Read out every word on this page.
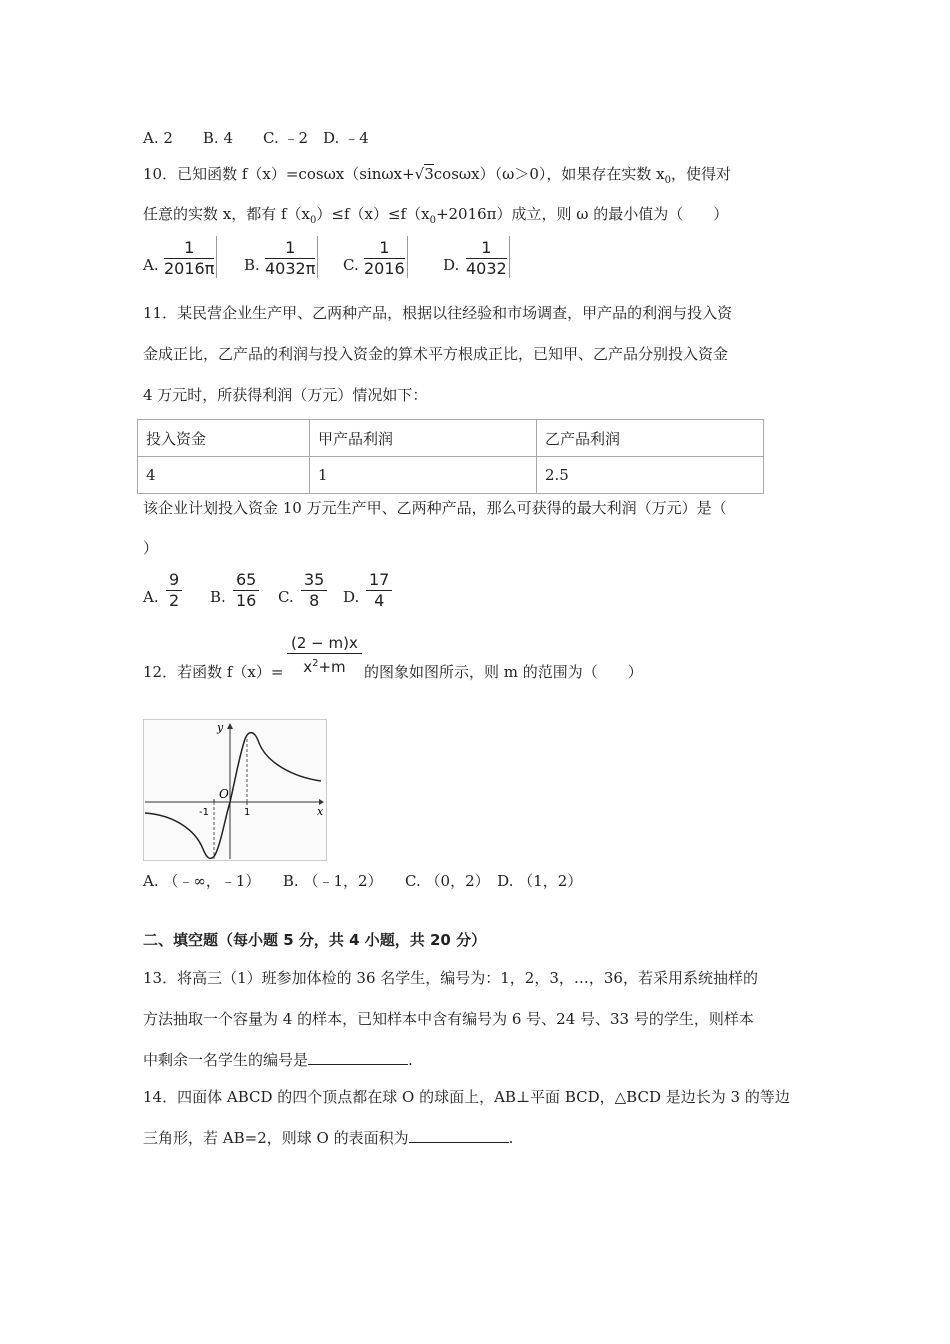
A. 2　　B. 4　　C. ﹣2　D. ﹣4
10．已知函数 f（x）=cosωx（sinωx+√3cosωx）（ω＞0），如果存在实数 $x_0$，使得对
任意的实数 x，都有 $f(x_0)\le f(x)\le f(x_0+2016\pi)$成立，则 ω 的最小值为（　　）
A. $\frac{1}{2016\pi} B$. $\frac{1}{4032\pi} C$. $\frac{1}{2016}$	D. $\frac{1}{4032}$
11．某民营企业生产甲、乙两种产品，根据以往经验和市场调查，甲产品的利润与投入资
金成正比，乙产品的利润与投入资金的算术平方根成正比，已知甲、乙产品分别投入资金
4 万元时，所获得利润（万元）情况如下：
投入资金	甲产品利润	乙产品利润
4	1	2.5
该企业计划投入资金 10 万元生产甲、乙两种产品，那么可获得的最大利润（万元）是（
）
A. $\frac{9}{2} B$. $\frac{65}{16} C$. $\frac{35}{8} D$. $\frac{17}{4}$
12．若函数 $f(x)= \frac{(2 - m)x}{x^2+m}$ 的图象如图所示，则 m 的范围为（　　）
y
x
O
-1	1
A. （﹣∞，﹣1）　　B. （﹣1，2）　　C. （0，2）　D. （1，2）
二、填空题（每小题 5 分，共 4 小题，共 20 分）
13．将高三（1）班参加体检的 36 名学生，编号为：1，2，3，…，36，若采用系统抽样的
方法抽取一个容量为 4 的样本，已知样本中含有编号为 6 号、24 号、33 号的学生，则样本
中剩余一名学生的编号是	.
14．四面体 ABCD 的四个顶点都在球 O 的球面上，AB⊥平面 BCD，△BCD 是边长为 3 的等边
三角形，若 AB=2，则球 O 的表面积为	.
